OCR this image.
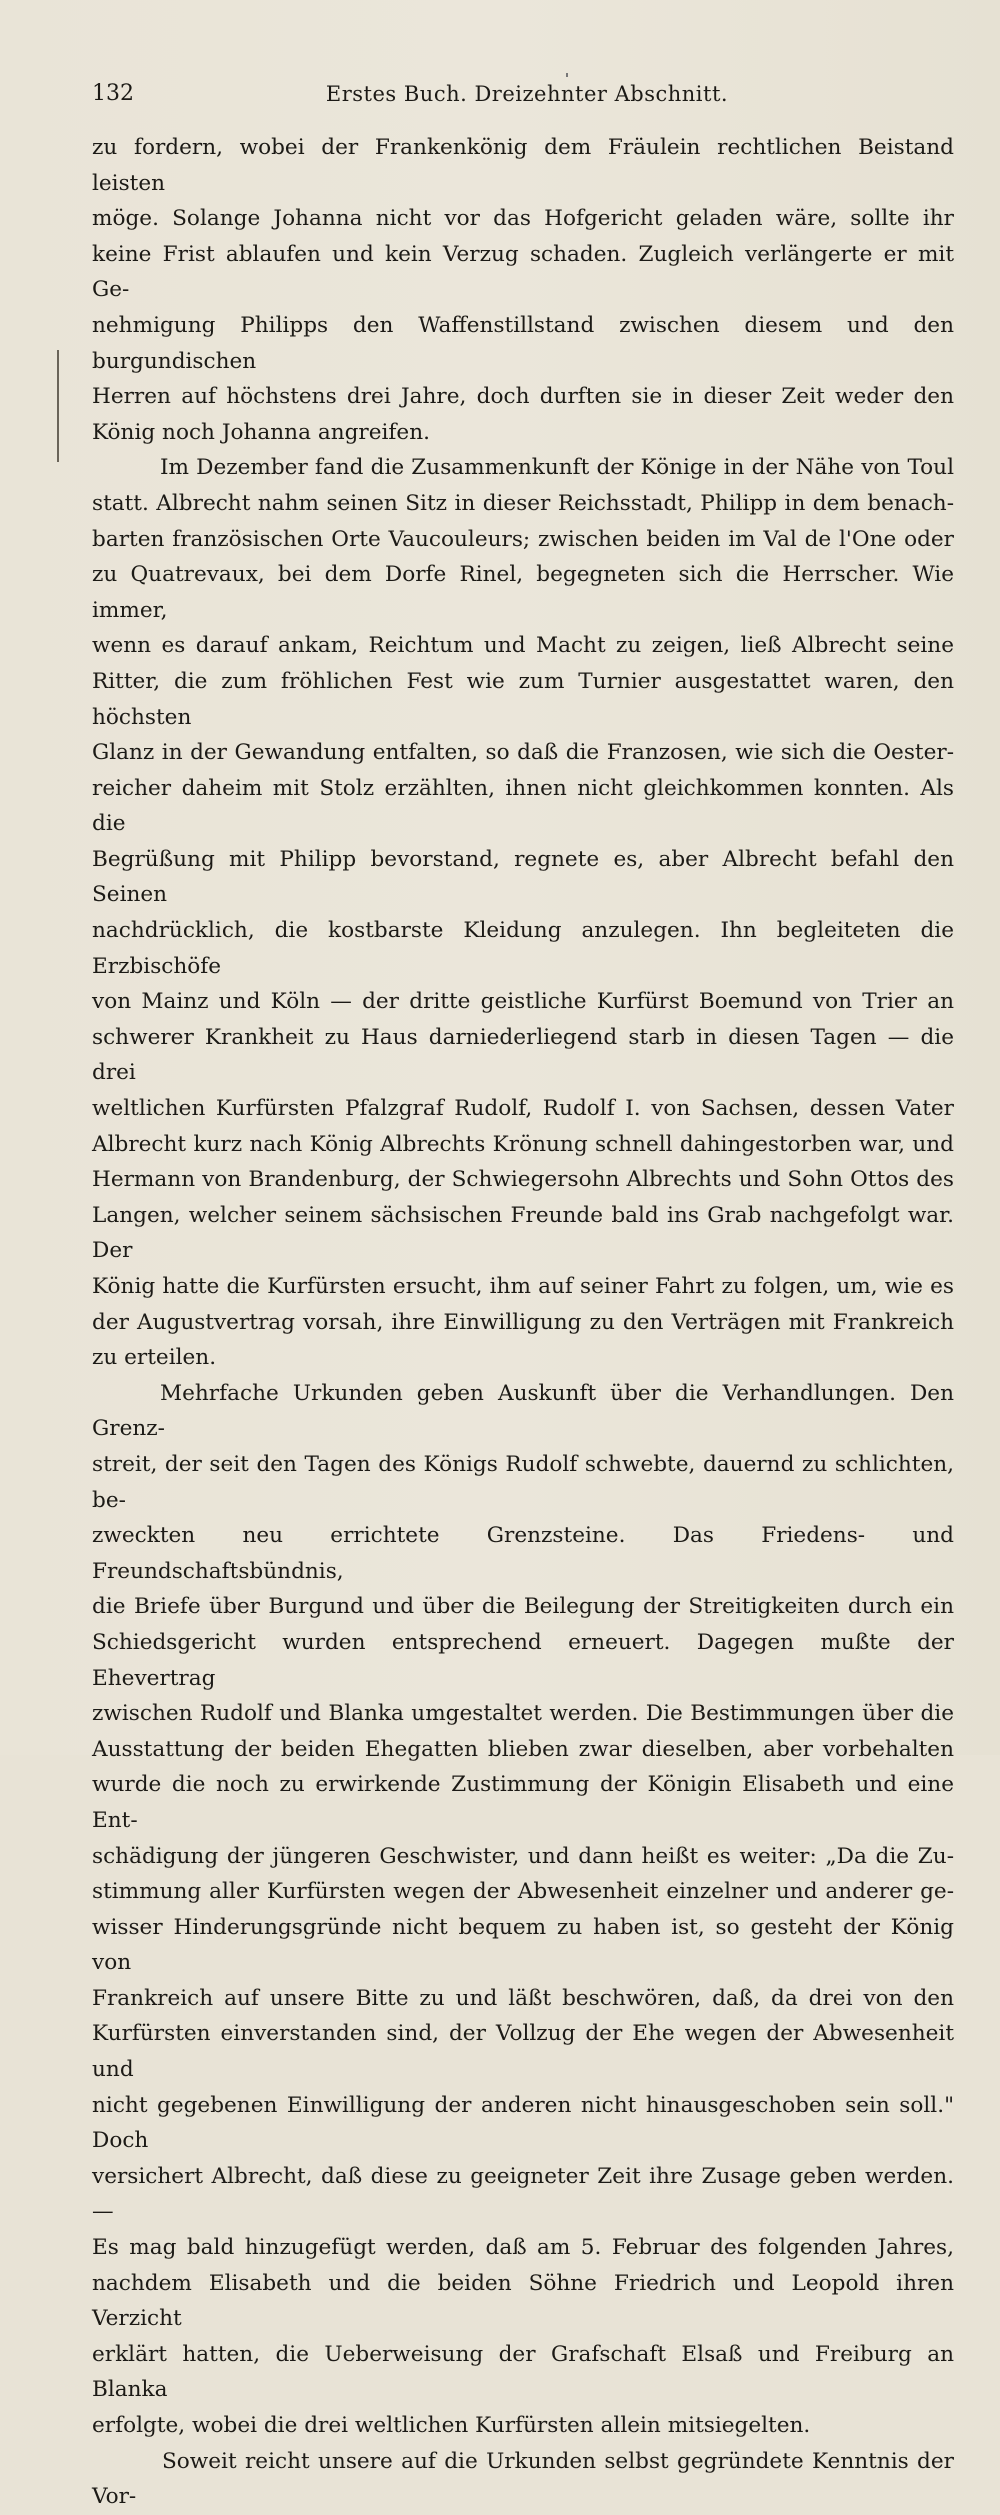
132	Erstes Buch. Dreizehnter Abschnitt.

zu fordern, wobei der Frankenkönig dem Fräulein rechtlichen Beistand leisten
möge. Solange Johanna nicht vor das Hofgericht geladen wäre, sollte ihr
keine Frist ablaufen und kein Verzug schaden. Zugleich verlängerte er mit Ge-
nehmigung Philipps den Waffenstillstand zwischen diesem und den burgundischen
Herren auf höchstens drei Jahre, doch durften sie in dieser Zeit weder den
König noch Johanna angreifen.

Im Dezember fand die Zusammenkunft der Könige in der Nähe von Toul
statt. Albrecht nahm seinen Sitz in dieser Reichsstadt, Philipp in dem benach-
barten französischen Orte Vaucouleurs; zwischen beiden im Val de l'One oder
zu Quatrevaux, bei dem Dorfe Rinel, begegneten sich die Herrscher. Wie immer,
wenn es darauf ankam, Reichtum und Macht zu zeigen, ließ Albrecht seine
Ritter, die zum fröhlichen Fest wie zum Turnier ausgestattet waren, den höchsten
Glanz in der Gewandung entfalten, so daß die Franzosen, wie sich die Oester-
reicher daheim mit Stolz erzählten, ihnen nicht gleichkommen konnten. Als die
Begrüßung mit Philipp bevorstand, regnete es, aber Albrecht befahl den Seinen
nachdrücklich, die kostbarste Kleidung anzulegen. Ihn begleiteten die Erzbischöfe
von Mainz und Köln — der dritte geistliche Kurfürst Boemund von Trier an
schwerer Krankheit zu Haus darniederliegend starb in diesen Tagen — die drei
weltlichen Kurfürsten Pfalzgraf Rudolf, Rudolf I. von Sachsen, dessen Vater
Albrecht kurz nach König Albrechts Krönung schnell dahingestorben war, und
Hermann von Brandenburg, der Schwiegersohn Albrechts und Sohn Ottos des
Langen, welcher seinem sächsischen Freunde bald ins Grab nachgefolgt war. Der
König hatte die Kurfürsten ersucht, ihm auf seiner Fahrt zu folgen, um, wie es
der Augustvertrag vorsah, ihre Einwilligung zu den Verträgen mit Frankreich
zu erteilen.

Mehrfache Urkunden geben Auskunft über die Verhandlungen. Den Grenz-
streit, der seit den Tagen des Königs Rudolf schwebte, dauernd zu schlichten, be-
zweckten neu errichtete Grenzsteine. Das Friedens- und Freundschaftsbündnis,
die Briefe über Burgund und über die Beilegung der Streitigkeiten durch ein
Schiedsgericht wurden entsprechend erneuert. Dagegen mußte der Ehevertrag
zwischen Rudolf und Blanka umgestaltet werden. Die Bestimmungen über die
Ausstattung der beiden Ehegatten blieben zwar dieselben, aber vorbehalten
wurde die noch zu erwirkende Zustimmung der Königin Elisabeth und eine Ent-
schädigung der jüngeren Geschwister, und dann heißt es weiter: „Da die Zu-
stimmung aller Kurfürsten wegen der Abwesenheit einzelner und anderer ge-
wisser Hinderungsgründe nicht bequem zu haben ist, so gesteht der König von
Frankreich auf unsere Bitte zu und läßt beschwören, daß, da drei von den
Kurfürsten einverstanden sind, der Vollzug der Ehe wegen der Abwesenheit und
nicht gegebenen Einwilligung der anderen nicht hinausgeschoben sein soll." Doch
versichert Albrecht, daß diese zu geeigneter Zeit ihre Zusage geben werden. —
Es mag bald hinzugefügt werden, daß am 5. Februar des folgenden Jahres,
nachdem Elisabeth und die beiden Söhne Friedrich und Leopold ihren Verzicht
erklärt hatten, die Ueberweisung der Grafschaft Elsaß und Freiburg an Blanka
erfolgte, wobei die drei weltlichen Kurfürsten allein mitsiegelten.

Soweit reicht unsere auf die Urkunden selbst gegründete Kenntnis der Vor-
